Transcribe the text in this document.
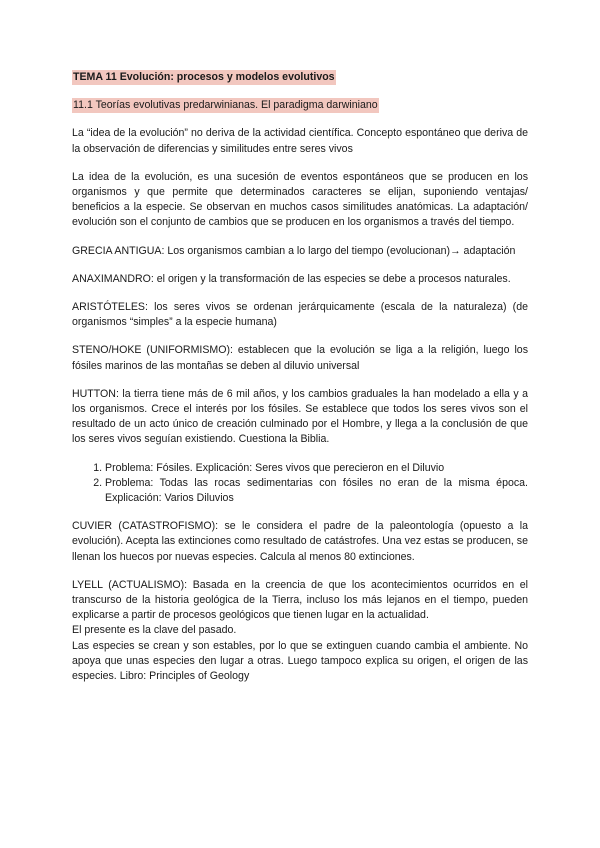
TEMA 11 Evolución: procesos y modelos evolutivos
11.1 Teorías evolutivas predarwinianas. El paradigma darwiniano

La “idea de la evolución” no deriva de la actividad científica. Concepto espontáneo que deriva de la observación de diferencias y similitudes entre seres vivos

La idea de la evolución, es una sucesión de eventos espontáneos que se producen en los organismos y que permite que determinados caracteres se elijan, suponiendo ventajas/ beneficios a la especie. Se observan en muchos casos similitudes anatómicas. La adaptación/ evolución son el conjunto de cambios que se producen en los organismos a través del tiempo.

GRECIA ANTIGUA: Los organismos cambian a lo largo del tiempo (evolucionan)→ adaptación

ANAXIMANDRO: el origen y la transformación de las especies se debe a procesos naturales.

ARISTÓTELES: los seres vivos se ordenan jerárquicamente (escala de la naturaleza) (de organismos “simples” a la especie humana)

STENO/HOKE (UNIFORMISMO): establecen que la evolución se liga a la religión, luego los fósiles marinos de las montañas se deben al diluvio universal

HUTTON: la tierra tiene más de 6 mil años, y los cambios graduales la han modelado a ella y a los organismos. Crece el interés por los fósiles. Se establece que todos los seres vivos son el resultado de un acto único de creación culminado por el Hombre, y llega a la conclusión de que los seres vivos seguían existiendo. Cuestiona la Biblia.

1. Problema: Fósiles. Explicación: Seres vivos que perecieron en el Diluvio
2. Problema: Todas las rocas sedimentarias con fósiles no eran de la misma época. Explicación: Varios Diluvios

CUVIER (CATASTROFISMO): se le considera el padre de la paleontología (opuesto a la evolución). Acepta las extinciones como resultado de catástrofes. Una vez estas se producen, se llenan los huecos por nuevas especies. Calcula al menos 80 extinciones.

LYELL (ACTUALISMO): Basada en la creencia de que los acontecimientos ocurridos en el transcurso de la historia geológica de la Tierra, incluso los más lejanos en el tiempo, pueden explicarse a partir de procesos geológicos que tienen lugar en la actualidad.

El presente es la clave del pasado.

Las especies se crean y son estables, por lo que se extinguen cuando cambia el ambiente. No apoya que unas especies den lugar a otras. Luego tampoco explica su origen, el origen de las especies. Libro: Principles of Geology
